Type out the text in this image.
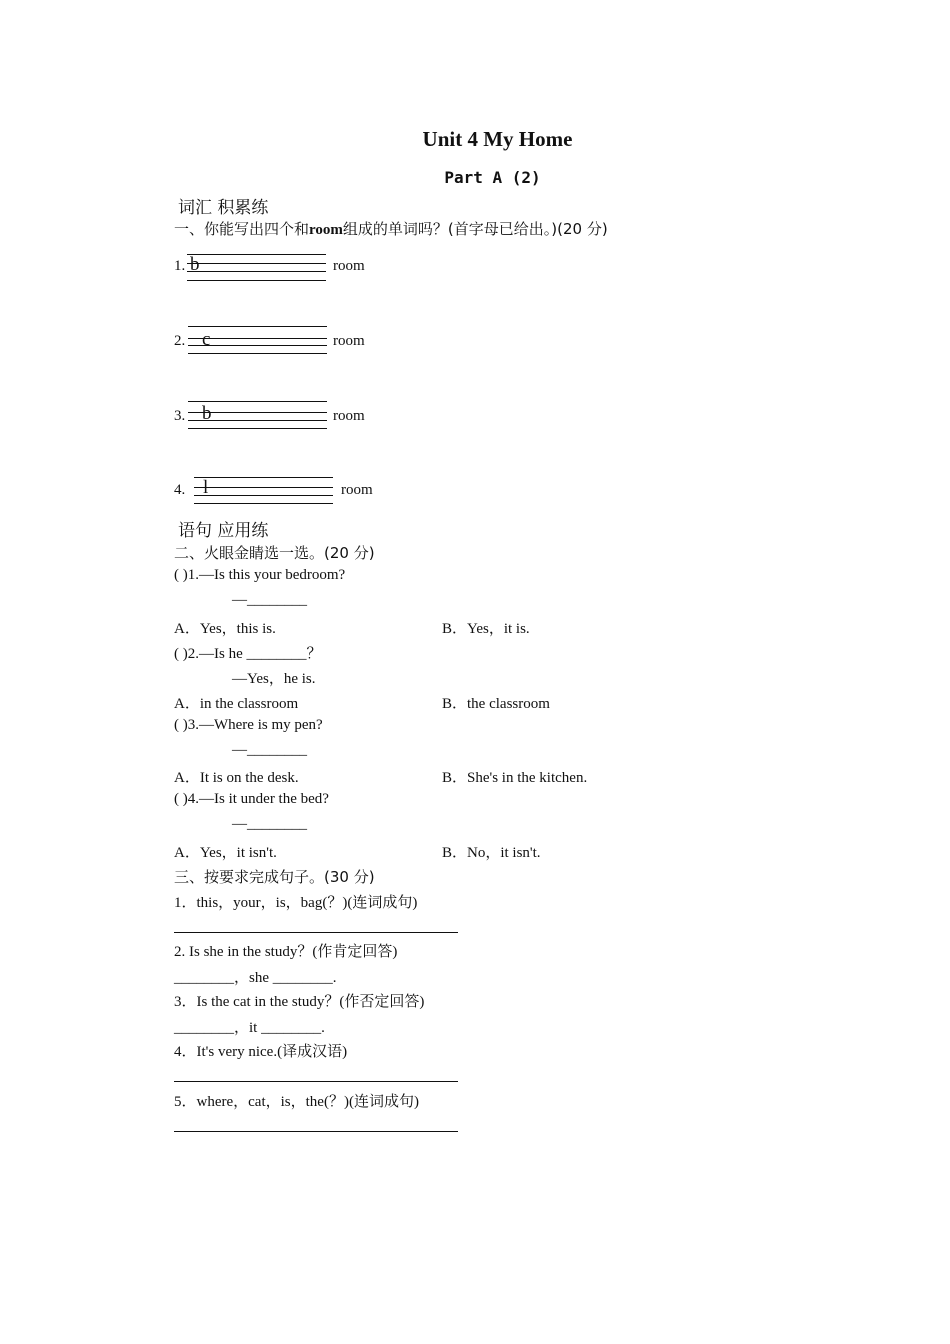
Unit 4 My Home
Part A (2)
词汇 积累练
一、你能写出四个和room组成的单词吗？(首字母已给出。)(20 分)
1. b	room
2. c	room
3. b	room
4. l	room
语句 应用练
二、火眼金睛选一选。(20 分)
( )1.—Is this your bedroom?
—________
A．Yes，this is.	B．Yes，it is.
( )2.—Is he ________？
—Yes，he is.
A．in the classroom	B．the classroom
( )3.—Where is my pen?
—________
A．It is on the desk.	B．She's in the kitchen.
( )4.—Is it under the bed?
—________
A．Yes，it isn't.	B．No，it isn't.
三、按要求完成句子。(30 分)
1．this，your，is，bag(？)(连词成句)
2. Is she in the study？(作肯定回答)
________，she ________.
3．Is the cat in the study？(作否定回答)
________，it ________.
4．It's very nice.(译成汉语)
5．where，cat，is，the(？)(连词成句)
